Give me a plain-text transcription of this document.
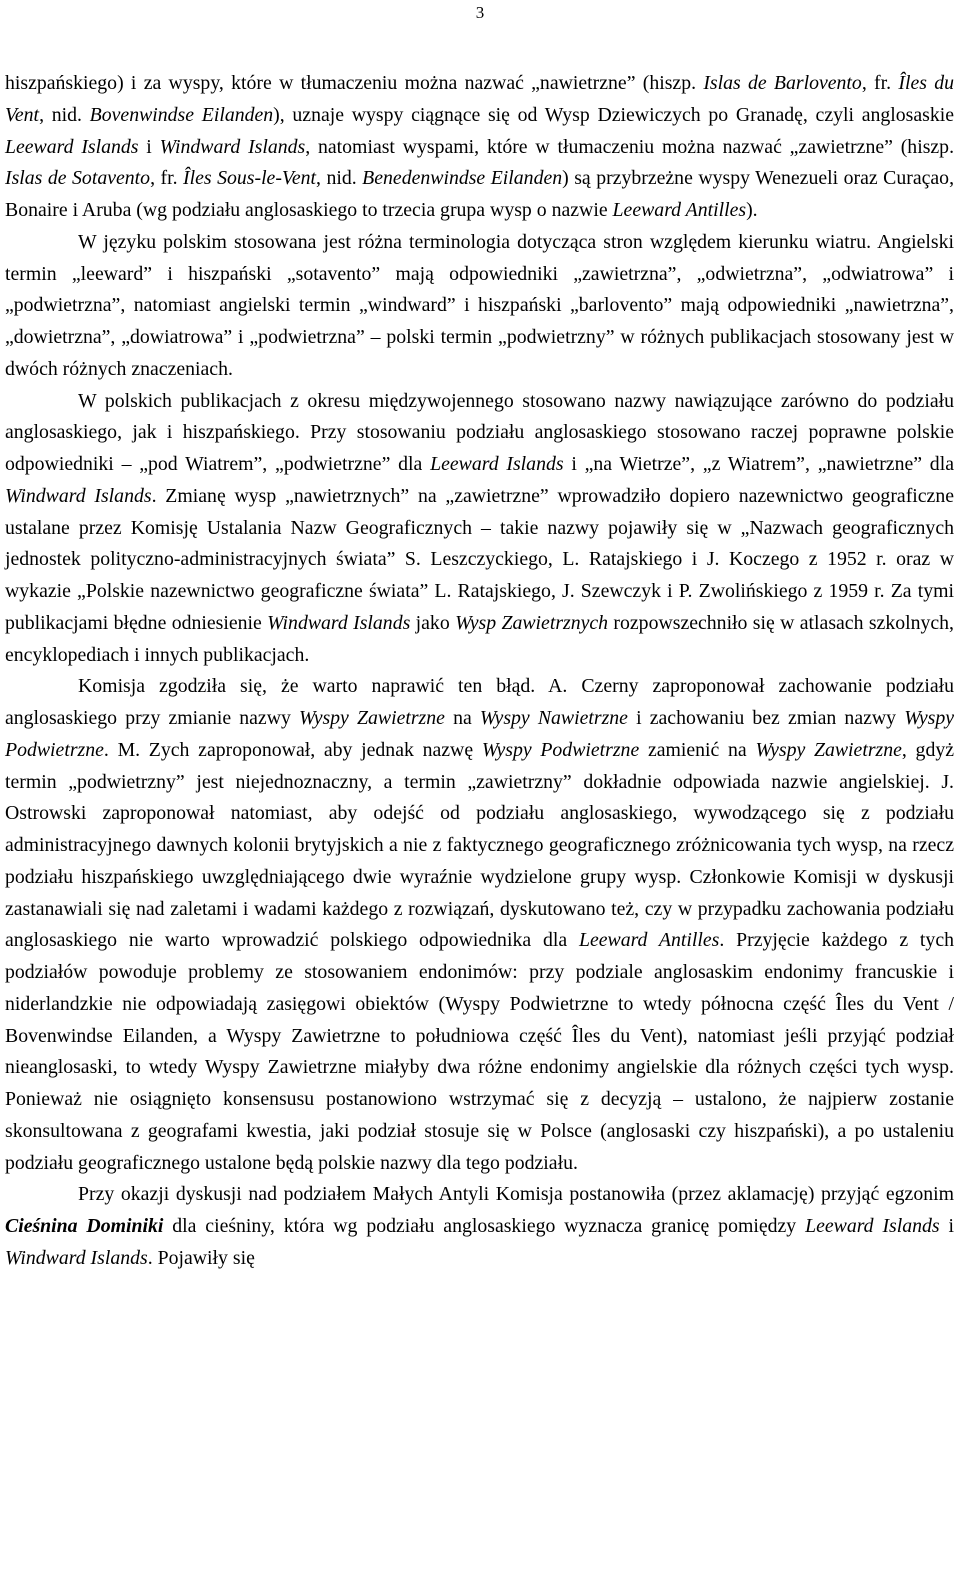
3

hiszpańskiego) i za wyspy, które w tłumaczeniu można nazwać „nawietrzne” (hiszp. Islas de Barlovento, fr. Îles du Vent, nid. Bovenwindse Eilanden), uznaje wyspy ciągnące się od Wysp Dziewiczych po Granadę, czyli anglosaskie Leeward Islands i Windward Islands, natomiast wyspami, które w tłumaczeniu można nazwać „zawietrzne” (hiszp. Islas de Sotavento, fr. Îles Sous-le-Vent, nid. Benedenwindse Eilanden) są przybrzeżne wyspy Wenezueli oraz Curaçao, Bonaire i Aruba (wg podziału anglosaskiego to trzecia grupa wysp o nazwie Leeward Antilles).

W języku polskim stosowana jest różna terminologia dotycząca stron względem kierunku wiatru. Angielski termin „leeward” i hiszpański „sotavento” mają odpowiedniki „zawietrzna”, „odwietrzna”, „odwiatrowa” i „podwietrzna”, natomiast angielski termin „windward” i hiszpański „barlovento” mają odpowiedniki „nawietrzna”, „dowietrzna”, „dowiatrowa” i „podwietrzna” – polski termin „podwietrzny” w różnych publikacjach stosowany jest w dwóch różnych znaczeniach.

W polskich publikacjach z okresu międzywojennego stosowano nazwy nawiązujące zarówno do podziału anglosaskiego, jak i hiszpańskiego. Przy stosowaniu podziału anglosaskiego stosowano raczej poprawne polskie odpowiedniki – „pod Wiatrem”, „podwietrzne” dla Leeward Islands i „na Wietrze”, „z Wiatrem”, „nawietrzne” dla Windward Islands. Zmianę wysp „nawietrznych” na „zawietrzne” wprowadziło dopiero nazewnictwo geograficzne ustalane przez Komisję Ustalania Nazw Geograficznych – takie nazwy pojawiły się w „Nazwach geograficznych jednostek polityczno-administracyjnych świata” S. Leszczyckiego, L. Ratajskiego i J. Koczego z 1952 r. oraz w wykazie „Polskie nazewnictwo geograficzne świata” L. Ratajskiego, J. Szewczyk i P. Zwolińskiego z 1959 r. Za tymi publikacjami błędne odniesienie Windward Islands jako Wysp Zawietrznych rozpowszechniło się w atlasach szkolnych, encyklopediach i innych publikacjach.

Komisja zgodziła się, że warto naprawić ten błąd. A. Czerny zaproponował zachowanie podziału anglosaskiego przy zmianie nazwy Wyspy Zawietrzne na Wyspy Nawietrzne i zachowaniu bez zmian nazwy Wyspy Podwietrzne. M. Zych zaproponował, aby jednak nazwę Wyspy Podwietrzne zamienić na Wyspy Zawietrzne, gdyż termin „podwietrzny” jest niejednoznaczny, a termin „zawietrzny” dokładnie odpowiada nazwie angielskiej. J. Ostrowski zaproponował natomiast, aby odejść od podziału anglosaskiego, wywodzącego się z podziału administracyjnego dawnych kolonii brytyjskich a nie z faktycznego geograficznego zróżnicowania tych wysp, na rzecz podziału hiszpańskiego uwzględniającego dwie wyraźnie wydzielone grupy wysp. Członkowie Komisji w dyskusji zastanawiali się nad zaletami i wadami każdego z rozwiązań, dyskutowano też, czy w przypadku zachowania podziału anglosaskiego nie warto wprowadzić polskiego odpowiednika dla Leeward Antilles. Przyjęcie każdego z tych podziałów powoduje problemy ze stosowaniem endonimów: przy podziale anglosaskim endonimy francuskie i niderlandzkie nie odpowiadają zasięgowi obiektów (Wyspy Podwietrzne to wtedy północna część Îles du Vent / Bovenwindse Eilanden, a Wyspy Zawietrzne to południowa część Îles du Vent), natomiast jeśli przyjąć podział nieanglosaski, to wtedy Wyspy Zawietrzne miałyby dwa różne endonimy angielskie dla różnych części tych wysp. Ponieważ nie osiągnięto konsensusu postanowiono wstrzymać się z decyzją – ustalono, że najpierw zostanie skonsultowana z geografami kwestia, jaki podział stosuje się w Polsce (anglosaski czy hiszpański), a po ustaleniu podziału geograficznego ustalone będą polskie nazwy dla tego podziału.

Przy okazji dyskusji nad podziałem Małych Antyli Komisja postanowiła (przez aklamację) przyjąć egzonim Cieśnina Dominiki dla cieśniny, która wg podziału anglosaskiego wyznacza granicę pomiędzy Leeward Islands i Windward Islands. Pojawiły się
